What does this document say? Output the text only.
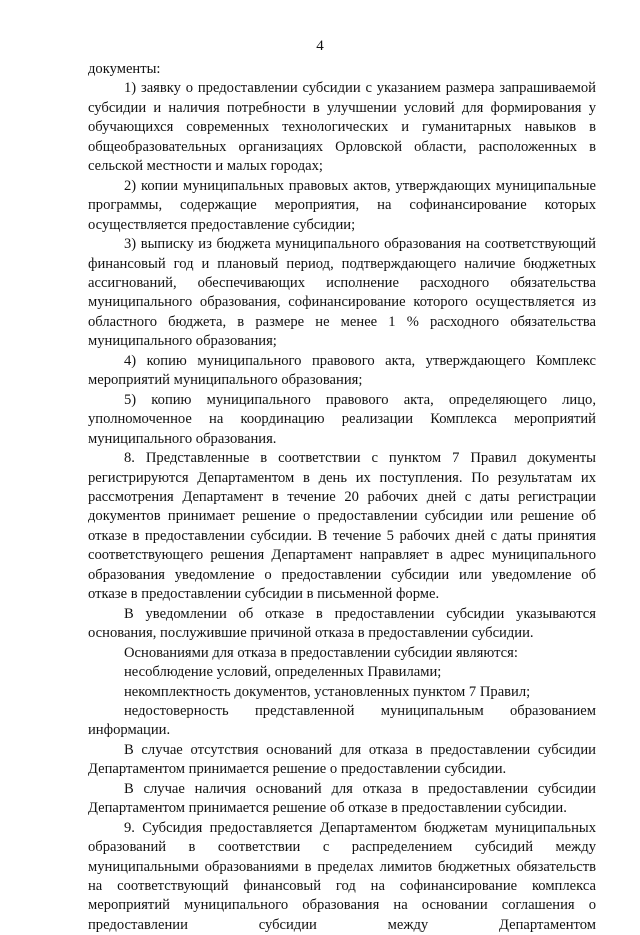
4

документы:

1) заявку о предоставлении субсидии с указанием размера запрашиваемой субсидии и наличия потребности в улучшении условий для формирования у обучающихся современных технологических и гуманитарных навыков в общеобразовательных организациях Орловской области, расположенных в сельской местности и малых городах;

2) копии муниципальных правовых актов, утверждающих муниципальные программы, содержащие мероприятия, на софинансирование которых осуществляется предоставление субсидии;

3) выписку из бюджета муниципального образования на соответствующий финансовый год и плановый период, подтверждающего наличие бюджетных ассигнований, обеспечивающих исполнение расходного обязательства муниципального образования, софинансирование которого осуществляется из областного бюджета, в размере не менее 1 % расходного обязательства муниципального образования;

4) копию муниципального правового акта, утверждающего Комплекс мероприятий муниципального образования;

5) копию муниципального правового акта, определяющего лицо, уполномоченное на координацию реализации Комплекса мероприятий муниципального образования.

8. Представленные в соответствии с пунктом 7 Правил документы регистрируются Департаментом в день их поступления. По результатам их рассмотрения Департамент в течение 20 рабочих дней с даты регистрации документов принимает решение о предоставлении субсидии или решение об отказе в предоставлении субсидии. В течение 5 рабочих дней с даты принятия соответствующего решения Департамент направляет в адрес муниципального образования уведомление о предоставлении субсидии или уведомление об отказе в предоставлении субсидии в письменной форме.

В уведомлении об отказе в предоставлении субсидии указываются основания, послужившие причиной отказа в предоставлении субсидии.

Основаниями для отказа в предоставлении субсидии являются:

несоблюдение условий, определенных Правилами;

некомплектность документов, установленных пунктом 7 Правил;

недостоверность представленной муниципальным образованием информации.

В случае отсутствия оснований для отказа в предоставлении субсидии Департаментом принимается решение о предоставлении субсидии.

В случае наличия оснований для отказа в предоставлении субсидии Департаментом принимается решение об отказе в предоставлении субсидии.

9. Субсидия предоставляется Департаментом бюджетам муниципальных образований в соответствии с распределением субсидий между муниципальными образованиями в пределах лимитов бюджетных обязательств на соответствующий финансовый год на софинансирование комплекса мероприятий муниципального образования на основании соглашения о предоставлении субсидии между Департаментом
